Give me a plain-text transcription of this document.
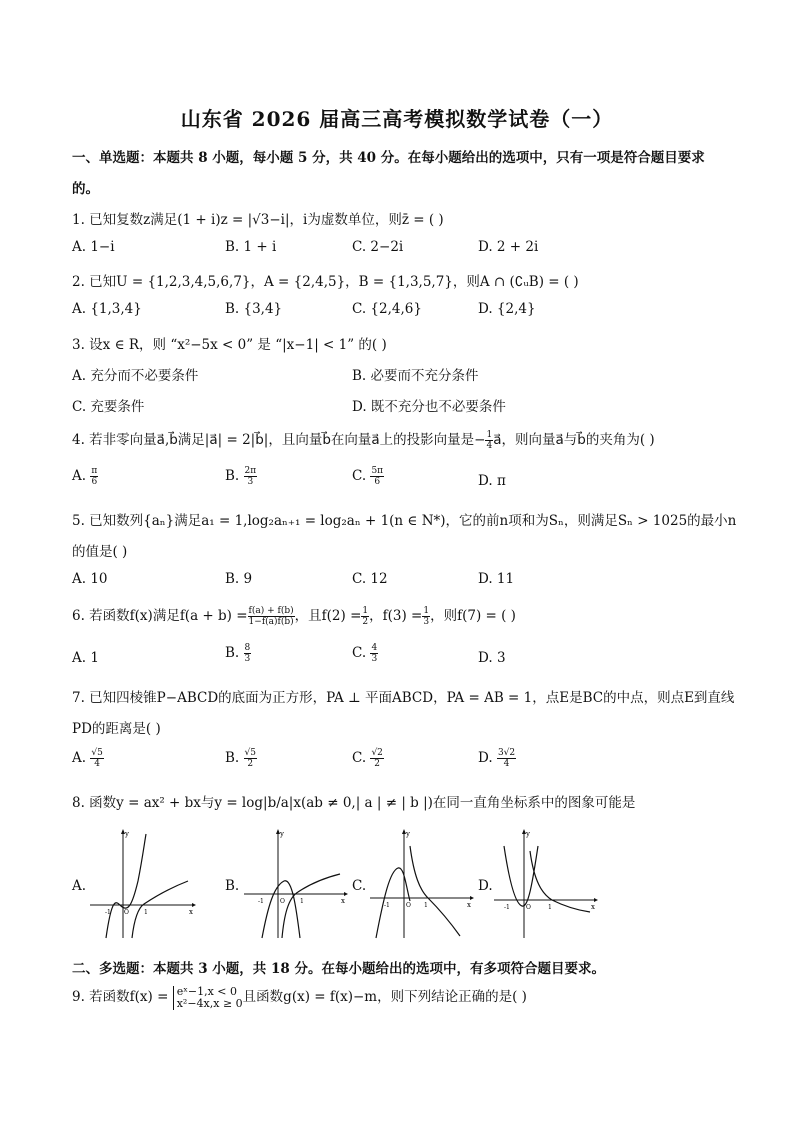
山东省 2026 届高三高考模拟数学试卷（一）
一、单选题：本题共 8 小题，每小题 5 分，共 40 分。在每小题给出的选项中，只有一项是符合题目要求
的。
1. 已知复数z满足(1 + i)z = |√3−i|，i为虚数单位，则z̄ = ( )
A. 1−i	B. 1 + i	C. 2−2i	D. 2 + 2i
2. 已知U = {1,2,3,4,5,6,7}，A = {2,4,5}，B = {1,3,5,7}，则A ∩ (∁ᵤB) = ( )
A. {1,3,4}	B. {3,4}	C. {2,4,6}	D. {2,4}
3. 设x ∈ R，则 “x²−5x < 0” 是 “|x−1| < 1” 的( )
A. 充分而不必要条件	B. 必要而不充分条件
C. 充要条件	D. 既不充分也不必要条件
4. 若非零向量a⃗,b⃗满足|a⃗| = 2|b⃗|，且向量b⃗在向量a⃗上的投影向量是− $\frac{1}{4}$ a⃗，则向量a⃗与b⃗的夹角为( )
A. $\frac{\pi}{6}$	B. $\frac{2\pi}{3}$	C. $\frac{5\pi}{6}$	D. π
5. 已知数列{aₙ}满足a₁ = 1,log₂aₙ₊₁ = log₂aₙ + 1(n ∈ N*)，它的前n项和为Sₙ，则满足Sₙ > 1025的最小n
的值是( )
A. 10	B. 9	C. 12	D. 11
6. 若函数f(x)满足$f(a + b) = \frac{f(a) + f(b)}{1-f(a)f(b)}$ ，且$f(2) = \frac{1}{2}$ ，$f(3) = \frac{1}{3}$ ，则f(7) = ( )
A. 1	B. $\frac{8}{3}$	C. $\frac{4}{3}$	D. 3
7. 已知四棱锥P−ABCD的底面为正方形，PA ⊥ 平面ABCD，PA = AB = 1，点E是BC的中点，则点E到直线
PD的距离是( )
A. $\frac{√5}{4}$	B. $\frac{√5}{2}$	C. $\frac{√2}{2}$	D. $\frac{3√2}{4}$
8. 函数y = ax² + bx与y = log|b/a|x(ab ≠ 0,| a | ≠ | b |)在同一直角坐标系中的图象可能是
A.
y
x
-1 O	1
B.
y
x
-1	O	1
C.
y
x
-1	O 1
D.
y
x
-1	O	1
二、多选题：本题共 3 小题，共 18 分。在每小题给出的选项中，有多项符合题目要求。
9. 若函数f(x) = eˣ−1,x < 0
x²−4x,x ≥ 0 且函数g(x) = f(x)−m，则下列结论正确的是( )
